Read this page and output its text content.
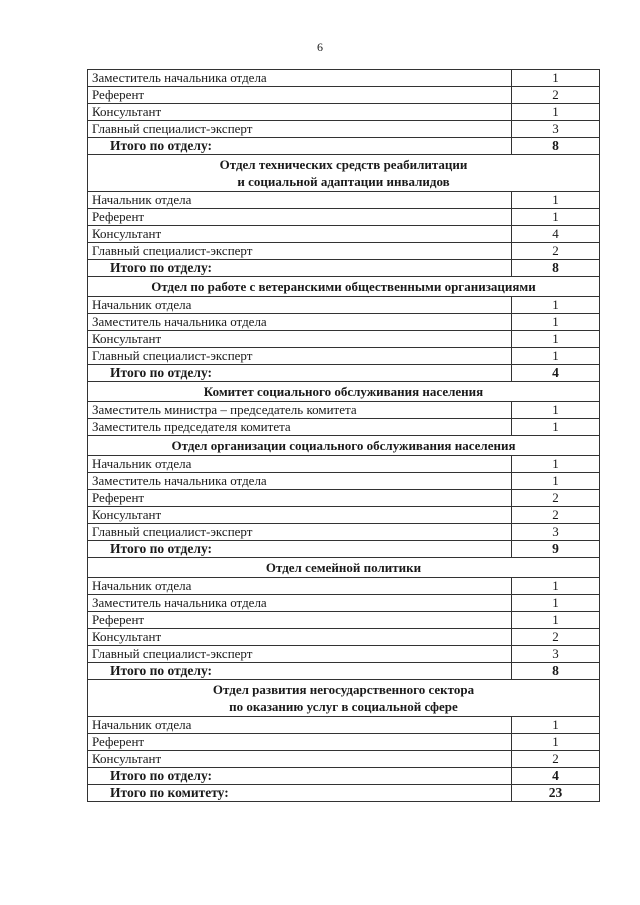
6
Заместитель начальника отдела	1
Референт	2
Консультант	1
Главный специалист-эксперт	3
Итого по отделу:	8
Отдел технических средств реабилитации
и социальной адаптации инвалидов	
Начальник отдела	1
Референт	1
Консультант	4
Главный специалист-эксперт	2
Итого по отделу:	8
Отдел по работе с ветеранскими общественными организациями	
Начальник отдела	1
Заместитель начальника отдела	1
Консультант	1
Главный специалист-эксперт	1
Итого по отделу:	4
Комитет социального обслуживания населения	
Заместитель министра – председатель комитета	1
Заместитель председателя комитета	1
Отдел организации социального обслуживания населения	
Начальник отдела	1
Заместитель начальника отдела	1
Референт	2
Консультант	2
Главный специалист-эксперт	3
Итого по отделу:	9
Отдел семейной политики	
Начальник отдела	1
Заместитель начальника отдела	1
Референт	1
Консультант	2
Главный специалист-эксперт	3
Итого по отделу:	8
Отдел развития негосударственного сектора
по оказанию услуг в социальной сфере	
Начальник отдела	1
Референт	1
Консультант	2
Итого по отделу:	4
Итого по комитету:	23
